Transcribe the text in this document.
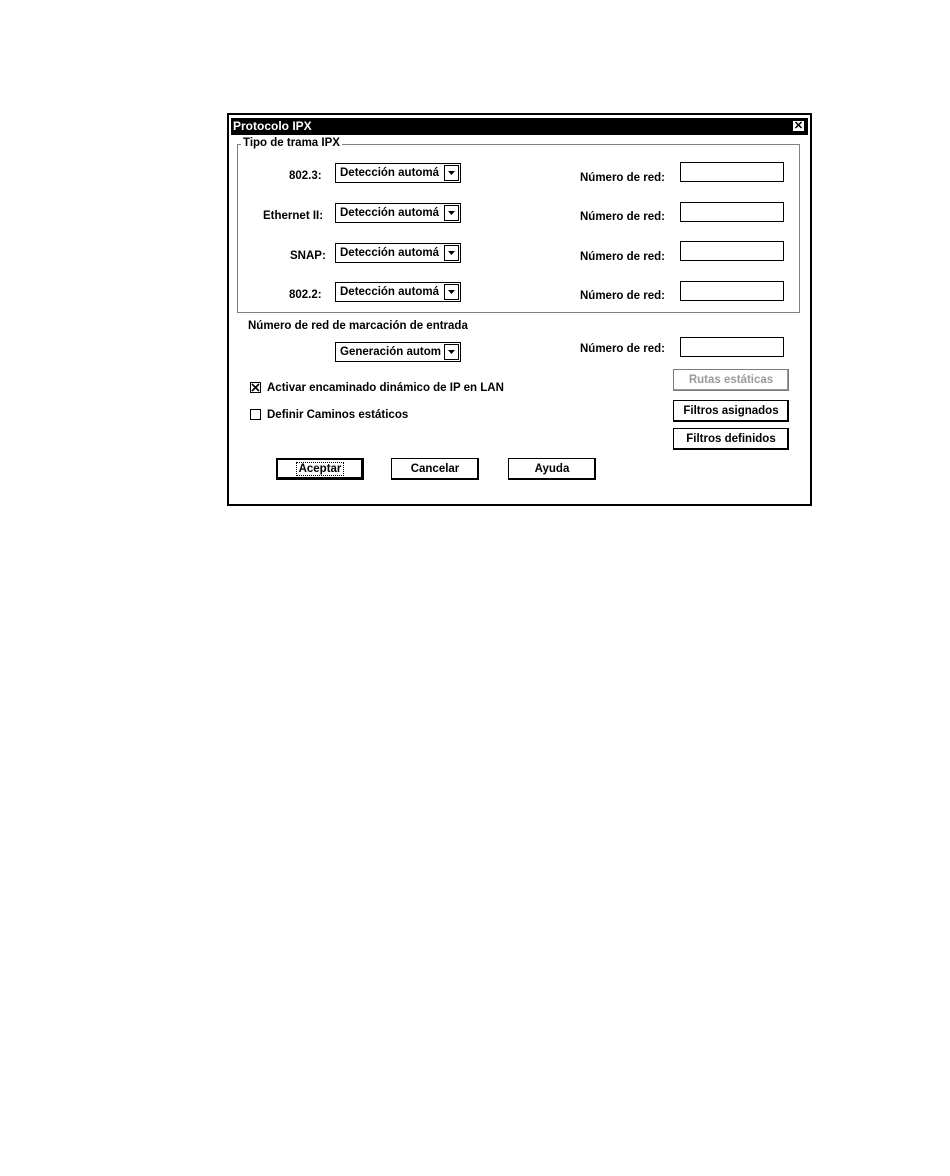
Protocolo IPX	✕
Tipo de trama IPX
802.3: Detección automá	Número de red:
Ethernet II: Detección automá	Número de red:
SNAP: Detección automá	Número de red:
802.2: Detección automá	Número de red:
Número de red de marcación de entrada
Generación autom	Número de red:
Activar encaminado dinámico de IP en LAN
Definir Caminos estáticos
Rutas estáticas
Filtros asignados
Filtros definidos
Aceptar	Cancelar	Ayuda
